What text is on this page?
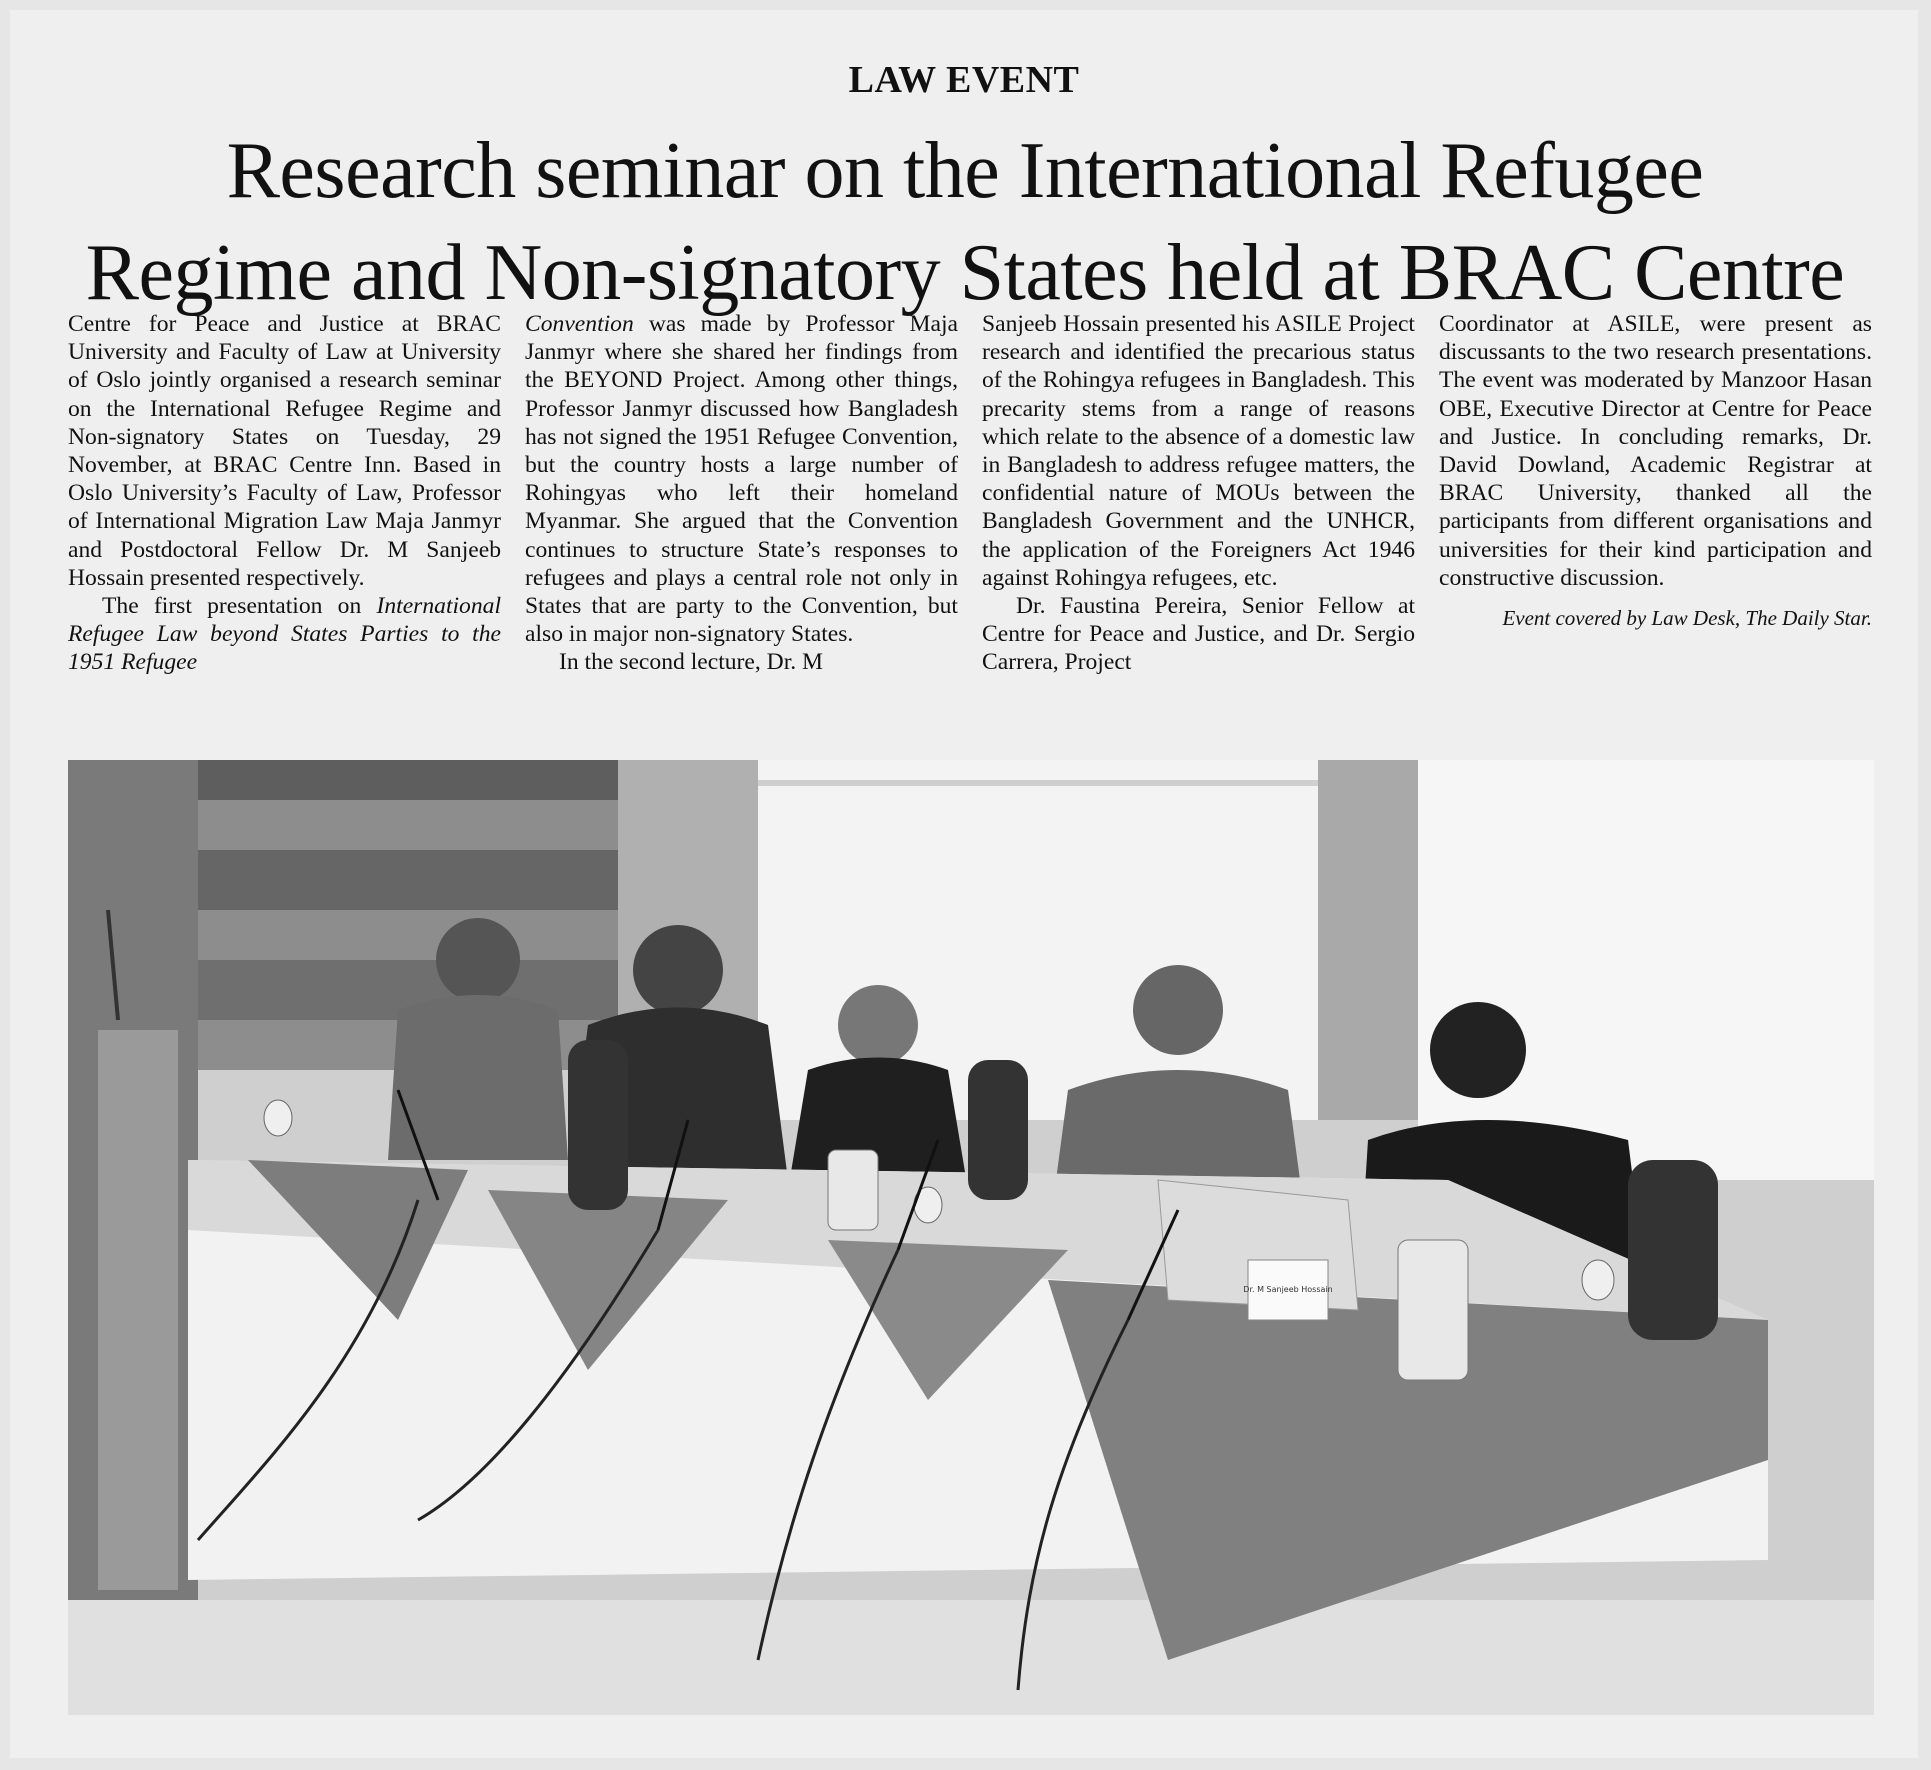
LAW EVENT
Research seminar on the International Refugee
Regime and Non-signatory States held at BRAC Centre

Centre for Peace and Justice at BRAC University and Faculty of Law at University of Oslo jointly organised a research seminar on the International Refugee Regime and Non-signatory States on Tuesday, 29 November, at BRAC Centre Inn. Based in Oslo University’s Faculty of Law, Professor of International Migration Law Maja Janmyr and Postdoctoral Fellow Dr. M Sanjeeb Hossain presented respectively.

The first presentation on International Refugee Law beyond States Parties to the 1951 Refugee

Convention was made by Professor Maja Janmyr where she shared her findings from the BEYOND Project. Among other things, Professor Janmyr discussed how Bangladesh has not signed the 1951 Refugee Convention, but the country hosts a large number of Rohingyas who left their homeland Myanmar. She argued that the Convention continues to structure State’s responses to refugees and plays a central role not only in States that are party to the Convention, but also in major non-signatory States.

In the second lecture, Dr. M

Sanjeeb Hossain presented his ASILE Project research and identified the precarious status of the Rohingya refugees in Bangladesh. This precarity stems from a range of reasons which relate to the absence of a domestic law in Bangladesh to address refugee matters, the confidential nature of MOUs between the Bangladesh Government and the UNHCR, the application of the Foreigners Act 1946 against Rohingya refugees, etc.

Dr. Faustina Pereira, Senior Fellow at Centre for Peace and Justice, and Dr. Sergio Carrera, Project

Coordinator at ASILE, were present as discussants to the two research presentations. The event was moderated by Manzoor Hasan OBE, Executive Director at Centre for Peace and Justice. In concluding remarks, Dr. David Dowland, Academic Registrar at BRAC University, thanked all the participants from different organisations and universities for their kind participation and constructive discussion.

Event covered by Law Desk, The Daily Star.
Dr. M Sanjeeb Hossain
